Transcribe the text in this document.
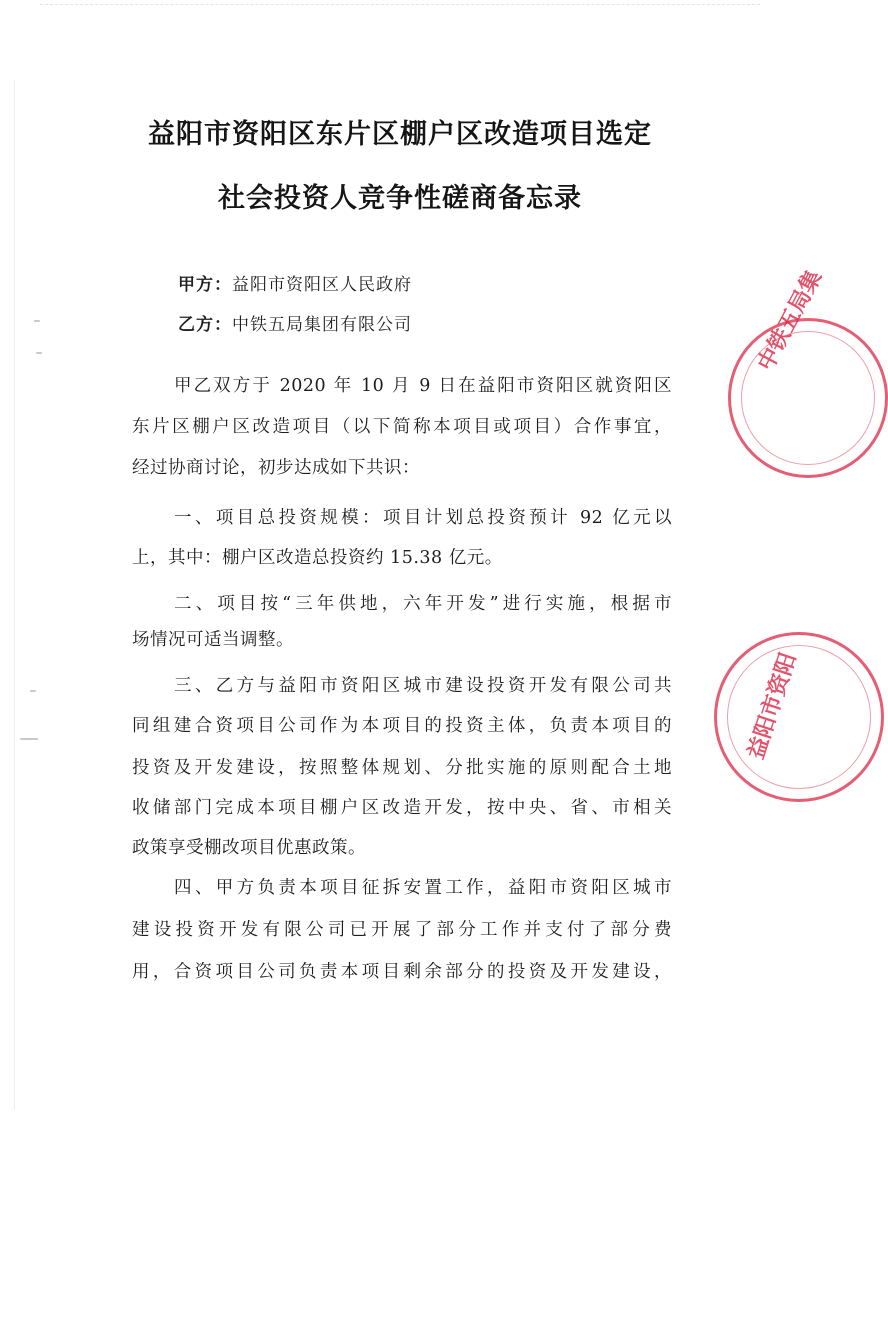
益阳市资阳区东片区棚户区改造项目选定
社会投资人竞争性磋商备忘录
甲方：益阳市资阳区人民政府
乙方：中铁五局集团有限公司
甲乙双方于 2020 年 10 月 9 日在益阳市资阳区就资阳区
东片区棚户区改造项目（以下简称本项目或项目）合作事宜，
经过协商讨论，初步达成如下共识：
一、项目总投资规模：项目计划总投资预计 92 亿元以
上，其中：棚户区改造总投资约 15.38 亿元。
二、项目按“三年供地，六年开发”进行实施，根据市
场情况可适当调整。
三、乙方与益阳市资阳区城市建设投资开发有限公司共
同组建合资项目公司作为本项目的投资主体，负责本项目的
投资及开发建设，按照整体规划、分批实施的原则配合土地
收储部门完成本项目棚户区改造开发，按中央、省、市相关
政策享受棚改项目优惠政策。
四、甲方负责本项目征拆安置工作，益阳市资阳区城市
建设投资开发有限公司已开展了部分工作并支付了部分费
用，合资项目公司负责本项目剩余部分的投资及开发建设，
中铁五局集
益阳市资阳
